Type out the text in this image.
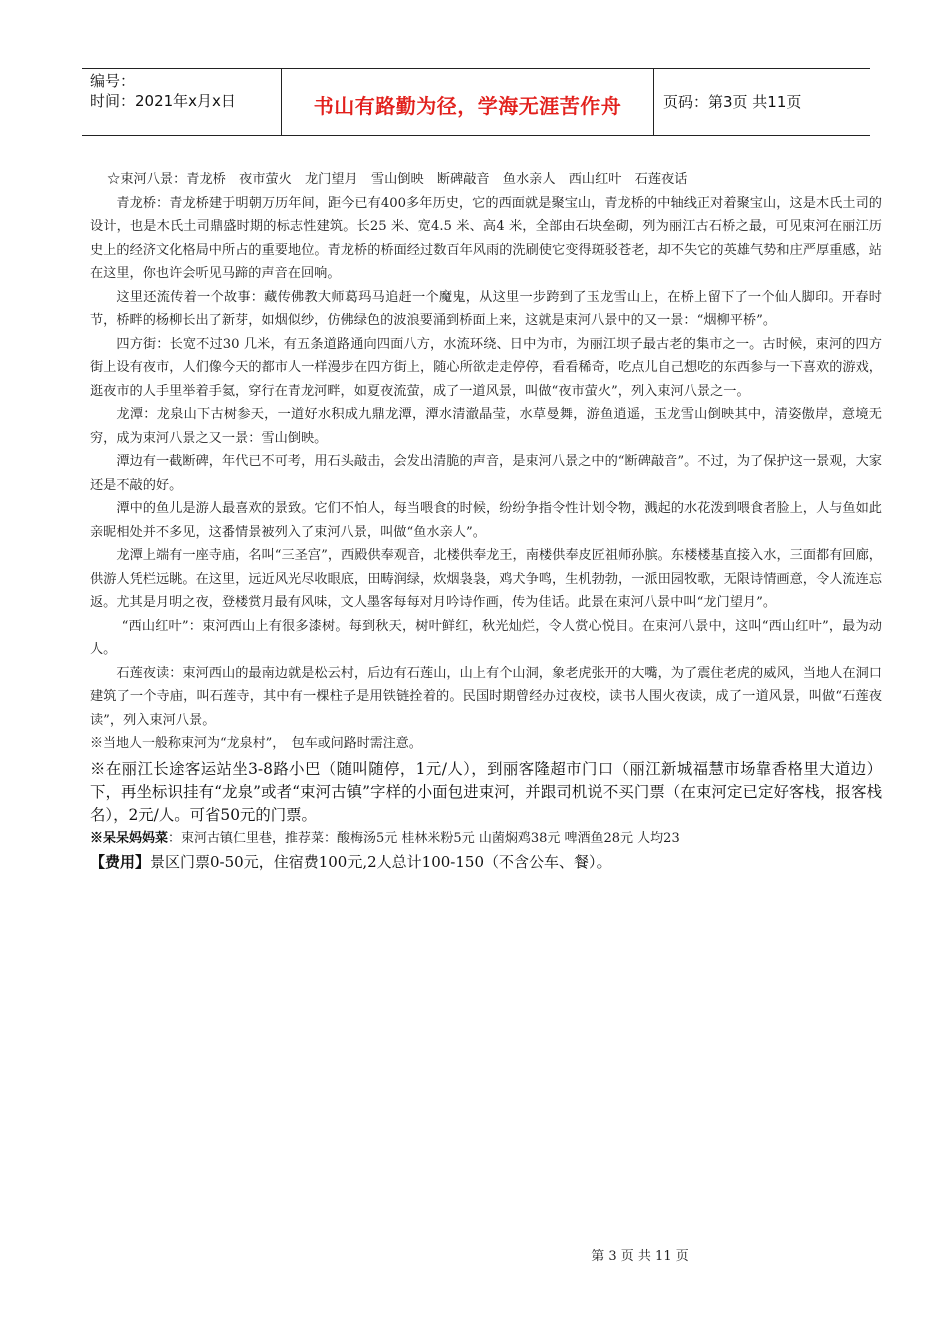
编号：
时间：2021年x月x日	书山有路勤为径，学海无涯苦作舟	页码：第3页 共11页

☆束河八景：青龙桥　夜市萤火　龙门望月　雪山倒映　断碑敲音　鱼水亲人　西山红叶　石莲夜话

青龙桥：青龙桥建于明朝万历年间，距今已有400多年历史，它的西面就是聚宝山，青龙桥的中轴线正对着聚宝山，这是木氏土司的设计，也是木氏土司鼎盛时期的标志性建筑。长25 米、宽4.5 米、高4 米，全部由石块垒砌，列为丽江古石桥之最，可见束河在丽江历史上的经济文化格局中所占的重要地位。青龙桥的桥面经过数百年风雨的洗刷使它变得斑驳苍老，却不失它的英雄气势和庄严厚重感，站在这里，你也许会听见马蹄的声音在回响。

这里还流传着一个故事：藏传佛教大师葛玛马追赶一个魔鬼，从这里一步跨到了玉龙雪山上，在桥上留下了一个仙人脚印。开春时节，桥畔的杨柳长出了新芽，如烟似纱，仿佛绿色的波浪要涌到桥面上来，这就是束河八景中的又一景：“烟柳平桥”。

四方街：长宽不过30 几米，有五条道路通向四面八方，水流环绕、日中为市，为丽江坝子最古老的集市之一。古时候，束河的四方街上设有夜市，人们像今天的都市人一样漫步在四方街上，随心所欲走走停停，看看稀奇，吃点儿自己想吃的东西参与一下喜欢的游戏，逛夜市的人手里举着手氦，穿行在青龙河畔，如夏夜流萤，成了一道风景，叫做“夜市萤火”，列入束河八景之一。

龙潭：龙泉山下古树参天，一道好水积成九鼎龙潭，潭水清澈晶莹，水草曼舞，游鱼逍遥，玉龙雪山倒映其中，清姿傲岸，意境无穷，成为束河八景之又一景：雪山倒映。

潭边有一截断碑，年代已不可考，用石头敲击，会发出清脆的声音，是束河八景之中的“断碑敲音”。不过，为了保护这一景观，大家还是不敲的好。

潭中的鱼儿是游人最喜欢的景致。它们不怕人，每当喂食的时候，纷纷争指令性计划令物，溅起的水花泼到喂食者脸上，人与鱼如此亲昵相处并不多见，这番情景被列入了束河八景，叫做“鱼水亲人”。

龙潭上端有一座寺庙，名叫“三圣宫”，西殿供奉观音，北楼供奉龙王，南楼供奉皮匠祖师孙膑。东楼楼基直接入水，三面都有回廊，供游人凭栏远眺。在这里，远近风光尽收眼底，田畴润绿，炊烟袅袅，鸡犬争鸣，生机勃勃，一派田园牧歌，无限诗情画意，令人流连忘返。尤其是月明之夜，登楼赏月最有风味，文人墨客每每对月吟诗作画，传为佳话。此景在束河八景中叫“龙门望月”。

“西山红叶”：束河西山上有很多漆树。每到秋天，树叶鲜红，秋光灿烂，令人赏心悦目。在束河八景中，这叫“西山红叶”，最为动人。

石莲夜读：束河西山的最南边就是松云村，后边有石莲山，山上有个山洞，象老虎张开的大嘴，为了震住老虎的威风，当地人在洞口建筑了一个寺庙，叫石莲寺，其中有一棵柱子是用铁链拴着的。民国时期曾经办过夜校，读书人围火夜读，成了一道风景，叫做“石莲夜读”，列入束河八景。

※当地人一般称束河为“龙泉村”，　包车或问路时需注意。

※在丽江长途客运站坐3-8路小巴（随叫随停，1元/人），到丽客隆超市门口（丽江新城福慧市场靠香格里大道边）下，再坐标识挂有“龙泉”或者“束河古镇”字样的小面包进束河，并跟司机说不买门票（在束河定已定好客栈，报客栈名），2元/人。可省50元的门票。

※呆呆妈妈菜：束河古镇仁里巷，推荐菜：酸梅汤5元 桂林米粉5元 山菌焖鸡38元 啤酒鱼28元 人均23

【费用】景区门票0-50元，住宿费100元,2人总计100-150（不含公车、餐）。

第 3 页 共 11 页
